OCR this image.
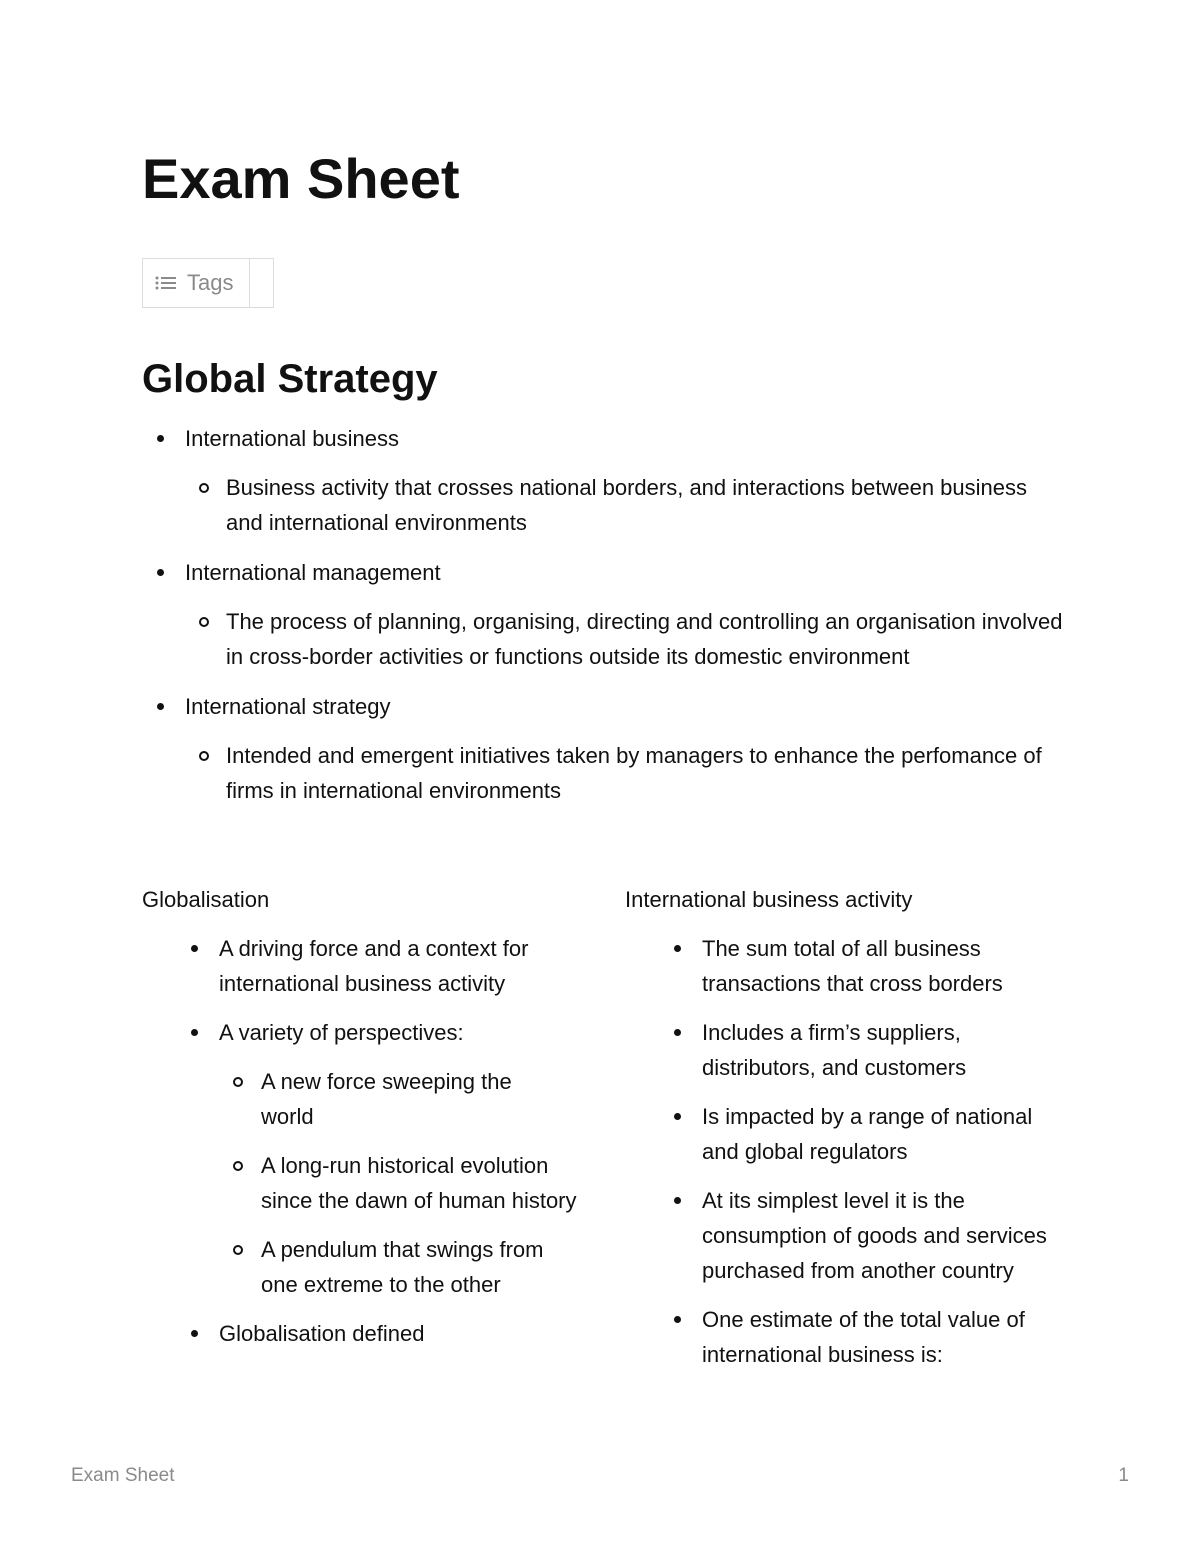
Exam Sheet
Tags
Global Strategy
International business
Business activity that crosses national borders, and interactions between business and international environments
International management
The process of planning, organising, directing and controlling an organisation involved in cross-border activities or functions outside its domestic environment
International strategy
Intended and emergent initiatives taken by managers to enhance the perfomance of firms in international environments
Globalisation
A driving force and a context for international business activity
A variety of perspectives:
A new force sweeping the world
A long-run historical evolution since the dawn of human history
A pendulum that swings from one extreme to the other
Globalisation defined
International business activity
The sum total of all business transactions that cross borders
Includes a firm’s suppliers, distributors, and customers
Is impacted by a range of national and global regulators
At its simplest level it is the consumption of goods and services purchased from another country
One estimate of the total value of international business is:
Exam Sheet	1
